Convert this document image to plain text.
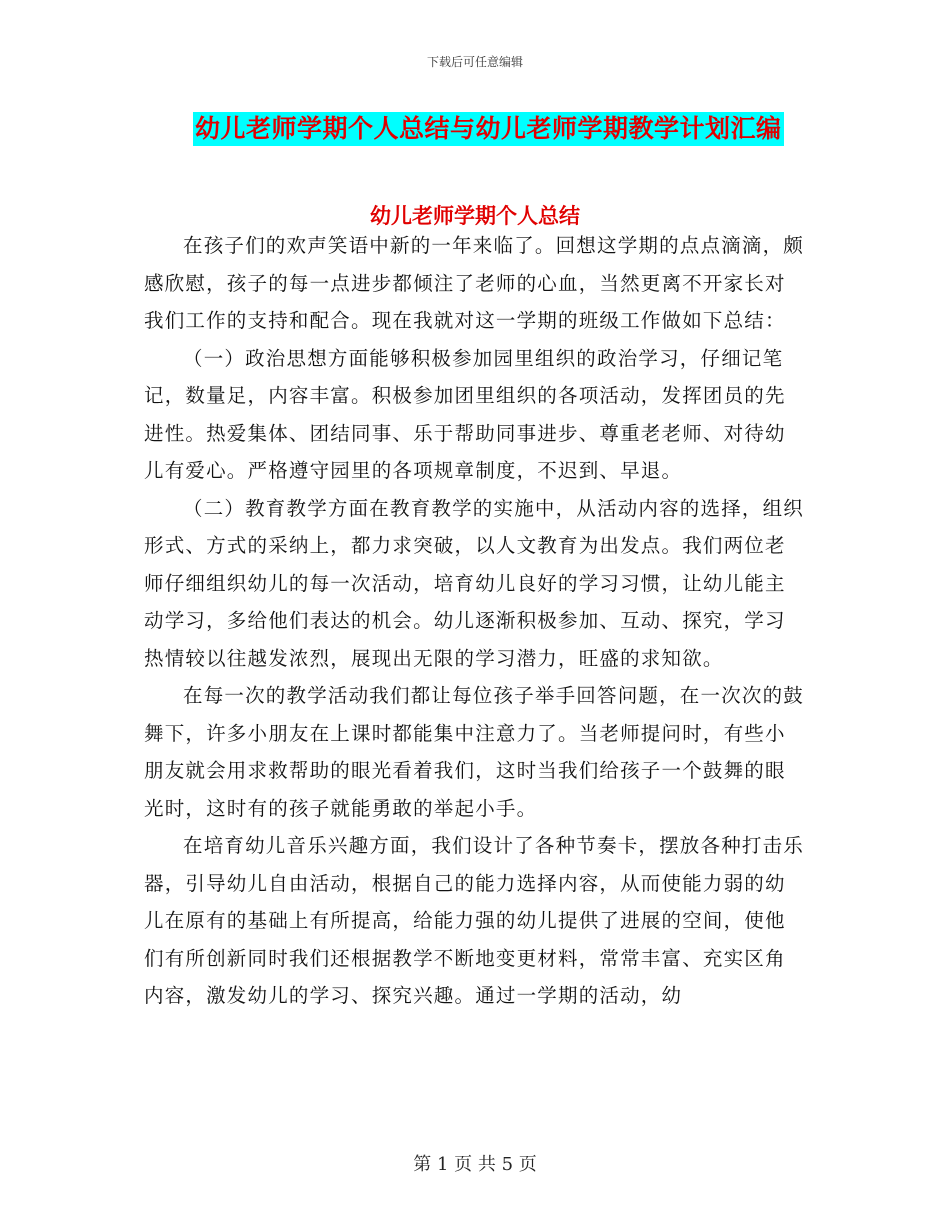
下载后可任意编辑
幼儿老师学期个人总结与幼儿老师学期教学计划汇编
幼儿老师学期个人总结

在孩子们的欢声笑语中新的一年来临了。回想这学期的点点滴滴，颇感欣慰，孩子的每一点进步都倾注了老师的心血，当然更离不开家长对我们工作的支持和配合。现在我就对这一学期的班级工作做如下总结：

（一）政治思想方面能够积极参加园里组织的政治学习，仔细记笔记，数量足，内容丰富。积极参加团里组织的各项活动，发挥团员的先进性。热爱集体、团结同事、乐于帮助同事进步、尊重老老师、对待幼儿有爱心。严格遵守园里的各项规章制度，不迟到、早退。

（二）教育教学方面在教育教学的实施中，从活动内容的选择，组织形式、方式的采纳上，都力求突破，以人文教育为出发点。我们两位老师仔细组织幼儿的每一次活动，培育幼儿良好的学习习惯，让幼儿能主动学习，多给他们表达的机会。幼儿逐渐积极参加、互动、探究，学习热情较以往越发浓烈，展现出无限的学习潜力，旺盛的求知欲。

在每一次的教学活动我们都让每位孩子举手回答问题，在一次次的鼓舞下，许多小朋友在上课时都能集中注意力了。当老师提问时，有些小朋友就会用求救帮助的眼光看着我们，这时当我们给孩子一个鼓舞的眼光时，这时有的孩子就能勇敢的举起小手。

在培育幼儿音乐兴趣方面，我们设计了各种节奏卡，摆放各种打击乐器，引导幼儿自由活动，根据自己的能力选择内容，从而使能力弱的幼儿在原有的基础上有所提高，给能力强的幼儿提供了进展的空间，使他们有所创新同时我们还根据教学不断地变更材料，常常丰富、充实区角内容，激发幼儿的学习、探究兴趣。通过一学期的活动，幼

第 1 页 共 5 页
